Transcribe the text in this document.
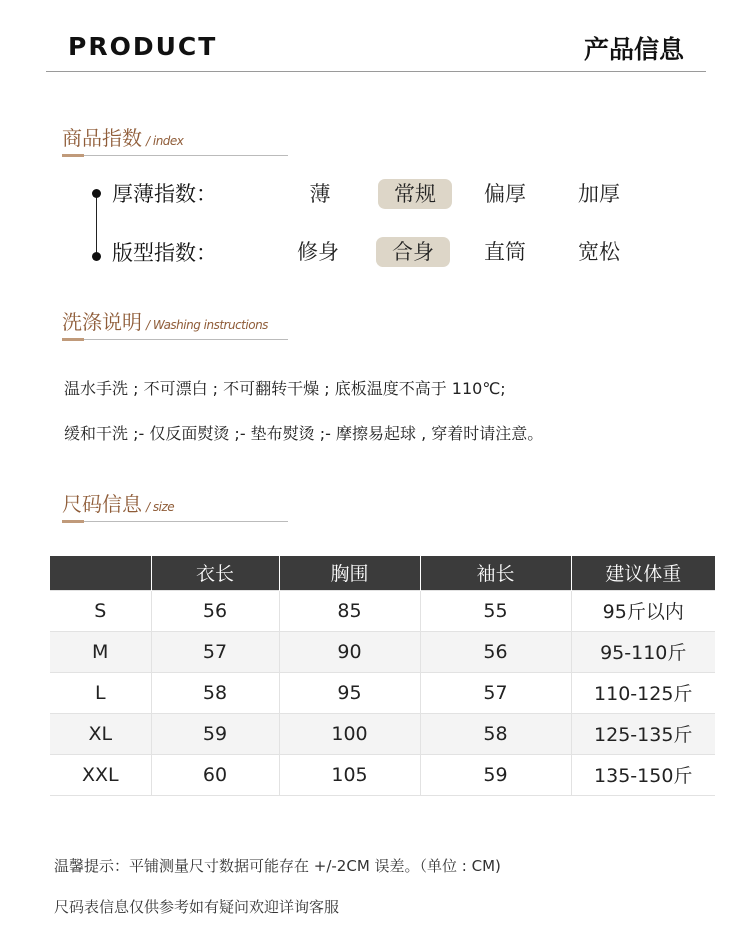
PRODUCT	产品信息
商品指数 / index
厚薄指数：	薄	常规	偏厚	加厚
版型指数：	修身	合身	直筒	宽松
洗涤说明 / Washing instructions
温水手洗 ; 不可漂白 ; 不可翻转干燥 ; 底板温度不高于 110℃;
缓和干洗 ;- 仅反面熨烫 ;- 垫布熨烫 ;- 摩擦易起球 , 穿着时请注意。
尺码信息 / size
	衣长	胸围	袖长	建议体重
S	56	85	55	95斤以内
M	57	90	56	95-110斤
L	58	95	57	110-125斤
XL	59	100	58	125-135斤
XXL	60	105	59	135-150斤
温馨提示：平铺测量尺寸数据可能存在 +/-2CM 误差。（单位 : CM)
尺码表信息仅供参考如有疑问欢迎详询客服
